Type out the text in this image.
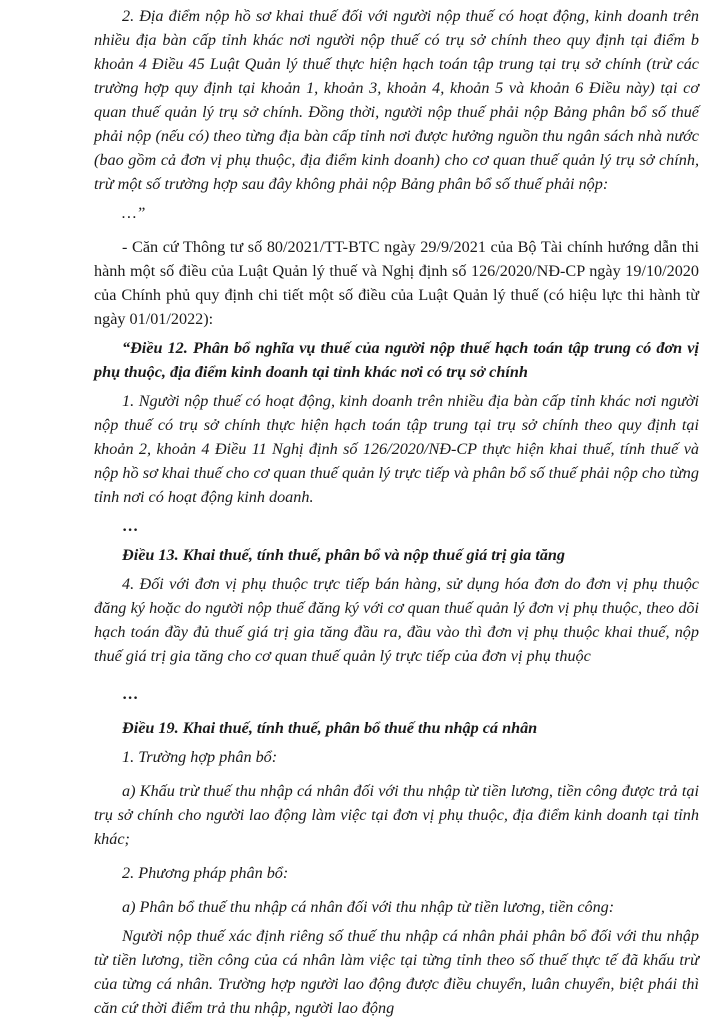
2. Địa điểm nộp hồ sơ khai thuế đối với người nộp thuế có hoạt động, kinh doanh trên nhiều địa bàn cấp tỉnh khác nơi người nộp thuế có trụ sở chính theo quy định tại điểm b khoản 4 Điều 45 Luật Quản lý thuế thực hiện hạch toán tập trung tại trụ sở chính (trừ các trường hợp quy định tại khoản 1, khoản 3, khoản 4, khoản 5 và khoản 6 Điều này) tại cơ quan thuế quản lý trụ sở chính. Đồng thời, người nộp thuế phải nộp Bảng phân bổ số thuế phải nộp (nếu có) theo từng địa bàn cấp tỉnh nơi được hưởng nguồn thu ngân sách nhà nước (bao gồm cả đơn vị phụ thuộc, địa điểm kinh doanh) cho cơ quan thuế quản lý trụ sở chính, trừ một số trường hợp sau đây không phải nộp Bảng phân bổ số thuế phải nộp:

…”

- Căn cứ Thông tư số 80/2021/TT-BTC ngày 29/9/2021 của Bộ Tài chính hướng dẫn thi hành một số điều của Luật Quản lý thuế và Nghị định số 126/2020/NĐ-CP ngày 19/10/2020 của Chính phủ quy định chi tiết một số điều của Luật Quản lý thuế (có hiệu lực thi hành từ ngày 01/01/2022):

“Điều 12. Phân bổ nghĩa vụ thuế của người nộp thuế hạch toán tập trung có đơn vị phụ thuộc, địa điểm kinh doanh tại tỉnh khác nơi có trụ sở chính

1. Người nộp thuế có hoạt động, kinh doanh trên nhiều địa bàn cấp tỉnh khác nơi người nộp thuế có trụ sở chính thực hiện hạch toán tập trung tại trụ sở chính theo quy định tại khoản 2, khoản 4 Điều 11 Nghị định số 126/2020/NĐ-CP thực hiện khai thuế, tính thuế và nộp hồ sơ khai thuế cho cơ quan thuế quản lý trực tiếp và phân bổ số thuế phải nộp cho từng tỉnh nơi có hoạt động kinh doanh.

…

Điều 13. Khai thuế, tính thuế, phân bổ và nộp thuế giá trị gia tăng

4. Đối với đơn vị phụ thuộc trực tiếp bán hàng, sử dụng hóa đơn do đơn vị phụ thuộc đăng ký hoặc do người nộp thuế đăng ký với cơ quan thuế quản lý đơn vị phụ thuộc, theo dõi hạch toán đầy đủ thuế giá trị gia tăng đầu ra, đầu vào thì đơn vị phụ thuộc khai thuế, nộp thuế giá trị gia tăng cho cơ quan thuế quản lý trực tiếp của đơn vị phụ thuộc

…

Điều 19. Khai thuế, tính thuế, phân bổ thuế thu nhập cá nhân

1. Trường hợp phân bổ:

a) Khấu trừ thuế thu nhập cá nhân đối với thu nhập từ tiền lương, tiền công được trả tại trụ sở chính cho người lao động làm việc tại đơn vị phụ thuộc, địa điểm kinh doanh tại tỉnh khác;

2. Phương pháp phân bổ:

a) Phân bổ thuế thu nhập cá nhân đối với thu nhập từ tiền lương, tiền công:

Người nộp thuế xác định riêng số thuế thu nhập cá nhân phải phân bổ đối với thu nhập từ tiền lương, tiền công của cá nhân làm việc tại từng tỉnh theo số thuế thực tế đã khấu trừ của từng cá nhân. Trường hợp người lao động được điều chuyển, luân chuyển, biệt phái thì căn cứ thời điểm trả thu nhập, người lao động
